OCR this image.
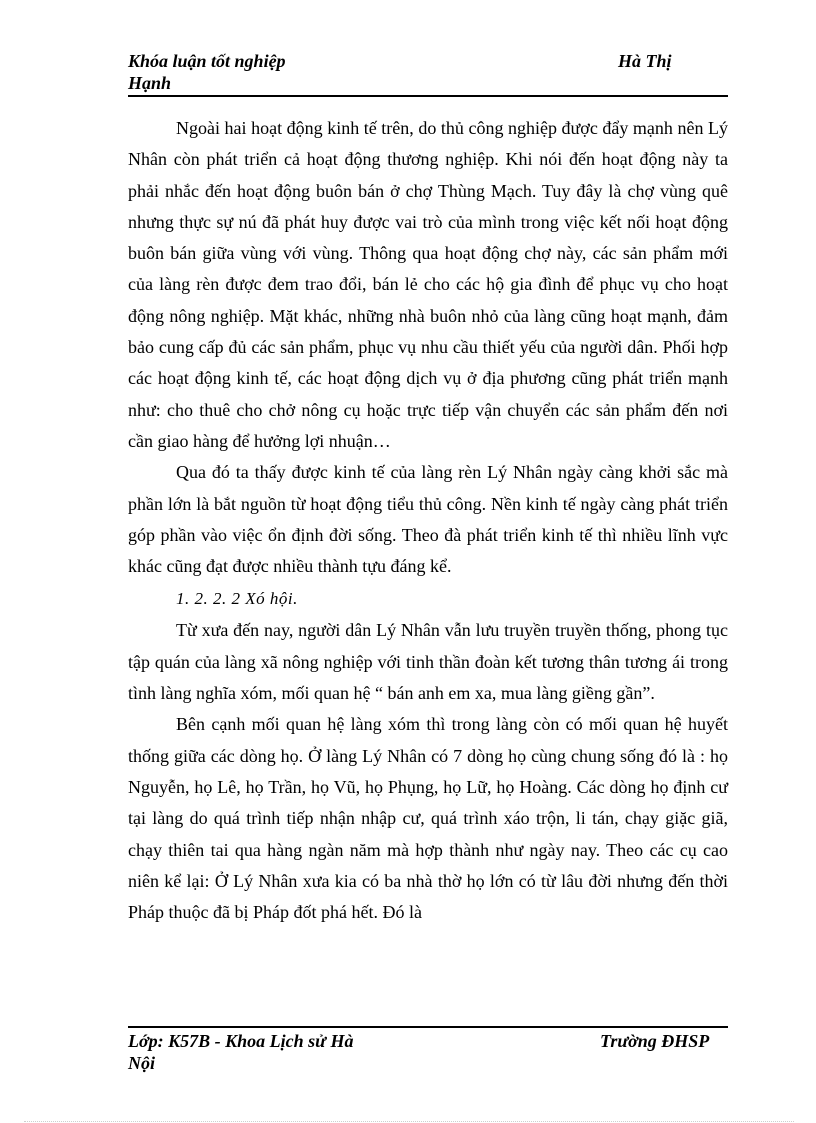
Khóa luận tốt nghiệp Hạnh
Hà Thị

Ngoài hai hoạt động kinh tế trên, do thủ công nghiệp được đẩy mạnh nên Lý Nhân còn phát triển cả hoạt động thương nghiệp. Khi nói đến hoạt động này ta phải nhắc đến hoạt động buôn bán ở chợ Thùng Mạch. Tuy đây là chợ vùng quê nhưng thực sự nú đã phát huy được vai trò của mình trong việc kết nối hoạt động buôn bán giữa vùng với vùng. Thông qua hoạt động chợ này, các sản phẩm mới của làng rèn được đem trao đổi, bán lẻ cho các hộ gia đình để phục vụ cho hoạt động nông nghiệp. Mặt khác, những nhà buôn nhỏ của làng cũng hoạt mạnh, đảm bảo cung cấp đủ các sản phẩm, phục vụ nhu cầu thiết yếu của người dân. Phối hợp các hoạt động kinh tế, các hoạt động dịch vụ ở địa phương cũng phát triển mạnh như: cho thuê cho chở nông cụ hoặc trực tiếp vận chuyển các sản phẩm đến nơi cần giao hàng để hưởng lợi nhuận…

Qua đó ta thấy được kinh tế của làng rèn Lý Nhân ngày càng khởi sắc mà phần lớn là bắt nguồn từ hoạt động tiểu thủ công. Nền kinh tế ngày càng phát triển góp phần vào việc ổn định đời sống. Theo đà phát triển kinh tế thì nhiều lĩnh vực khác cũng đạt được nhiều thành tựu đáng kể.

1. 2. 2. 2 Xó hội.

Từ xưa đến nay, người dân Lý Nhân vẫn lưu truyền truyền thống, phong tục tập quán của làng xã nông nghiệp với tinh thần đoàn kết tương thân tương ái trong tình làng nghĩa xóm, mối quan hệ “ bán anh em xa, mua làng giềng gần”.

Bên cạnh mối quan hệ làng xóm thì trong làng còn có mối quan hệ huyết thống giữa các dòng họ. Ở làng Lý Nhân có 7 dòng họ cùng chung sống đó là : họ Nguyễn, họ Lê, họ Trần, họ Vũ, họ Phụng, họ Lữ, họ Hoàng. Các dòng họ định cư tại làng do quá trình tiếp nhận nhập cư, quá trình xáo trộn, li tán, chạy giặc giã, chạy thiên tai qua hàng ngàn năm mà hợp thành như ngày nay. Theo các cụ cao niên kể lại: Ở Lý Nhân xưa kia có ba nhà thờ họ lớn có từ lâu đời nhưng đến thời Pháp thuộc đã bị Pháp đốt phá hết. Đó là

Lớp: K57B - Khoa Lịch sử Hà Nội
Trường ĐHSP
